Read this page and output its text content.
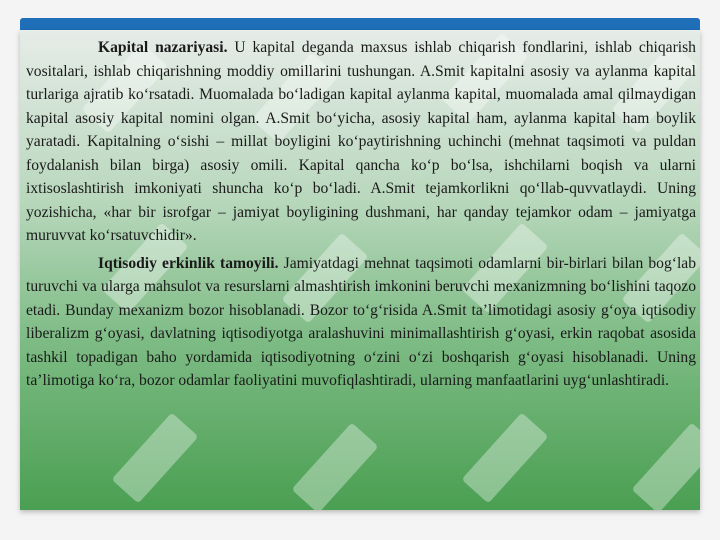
Kapital nazariyasi. U kapital deganda maxsus ishlab chiqarish fondlarini, ishlab chiqarish vositalari, ishlab chiqarishning moddiy omillarini tushungan. A.Smit kapitalni asosiy va aylanma kapital turlariga ajratib ko‘rsatadi. Muomalada bo‘ladigan kapital aylanma kapital, muomalada amal qilmaydigan kapital asosiy kapital nomini olgan. A.Smit bo‘yicha, asosiy kapital ham, aylanma kapital ham boylik yaratadi. Kapitalning o‘sishi – millat boyligini ko‘paytirishning uchinchi (mehnat taqsimoti va puldan foydalanish bilan birga) asosiy omili. Kapital qancha ko‘p bo‘lsa, ishchilarni boqish va ularni ixtisoslashtirish imkoniyati shuncha ko‘p bo‘ladi. A.Smit tejamkorlikni qo‘llab-quvvatlaydi. Uning yozishicha, «har bir isrofgar – jamiyat boyligining dushmani, har qanday tejamkor odam – jamiyatga muruvvat ko‘rsatuvchidir».

Iqtisodiy erkinlik tamoyili. Jamiyatdagi mehnat taqsimoti odamlarni bir-birlari bilan bog‘lab turuvchi va ularga mahsulot va resurslarni almashtirish imkonini beruvchi mexanizmning bo‘lishini taqozo etadi. Bunday mexanizm bozor hisoblanadi. Bozor to‘g‘risida A.Smit ta’limotidagi asosiy g‘oya iqtisodiy liberalizm g‘oyasi, davlatning iqtisodiyotga aralashuvini minimallashtirish g‘oyasi, erkin raqobat asosida tashkil topadigan baho yordamida iqtisodiyotning o‘zini o‘zi boshqarish g‘oyasi hisoblanadi. Uning ta’limotiga ko‘ra, bozor odamlar faoliyatini muvofiqlashtiradi, ularning manfaatlarini uyg‘unlashtiradi.
